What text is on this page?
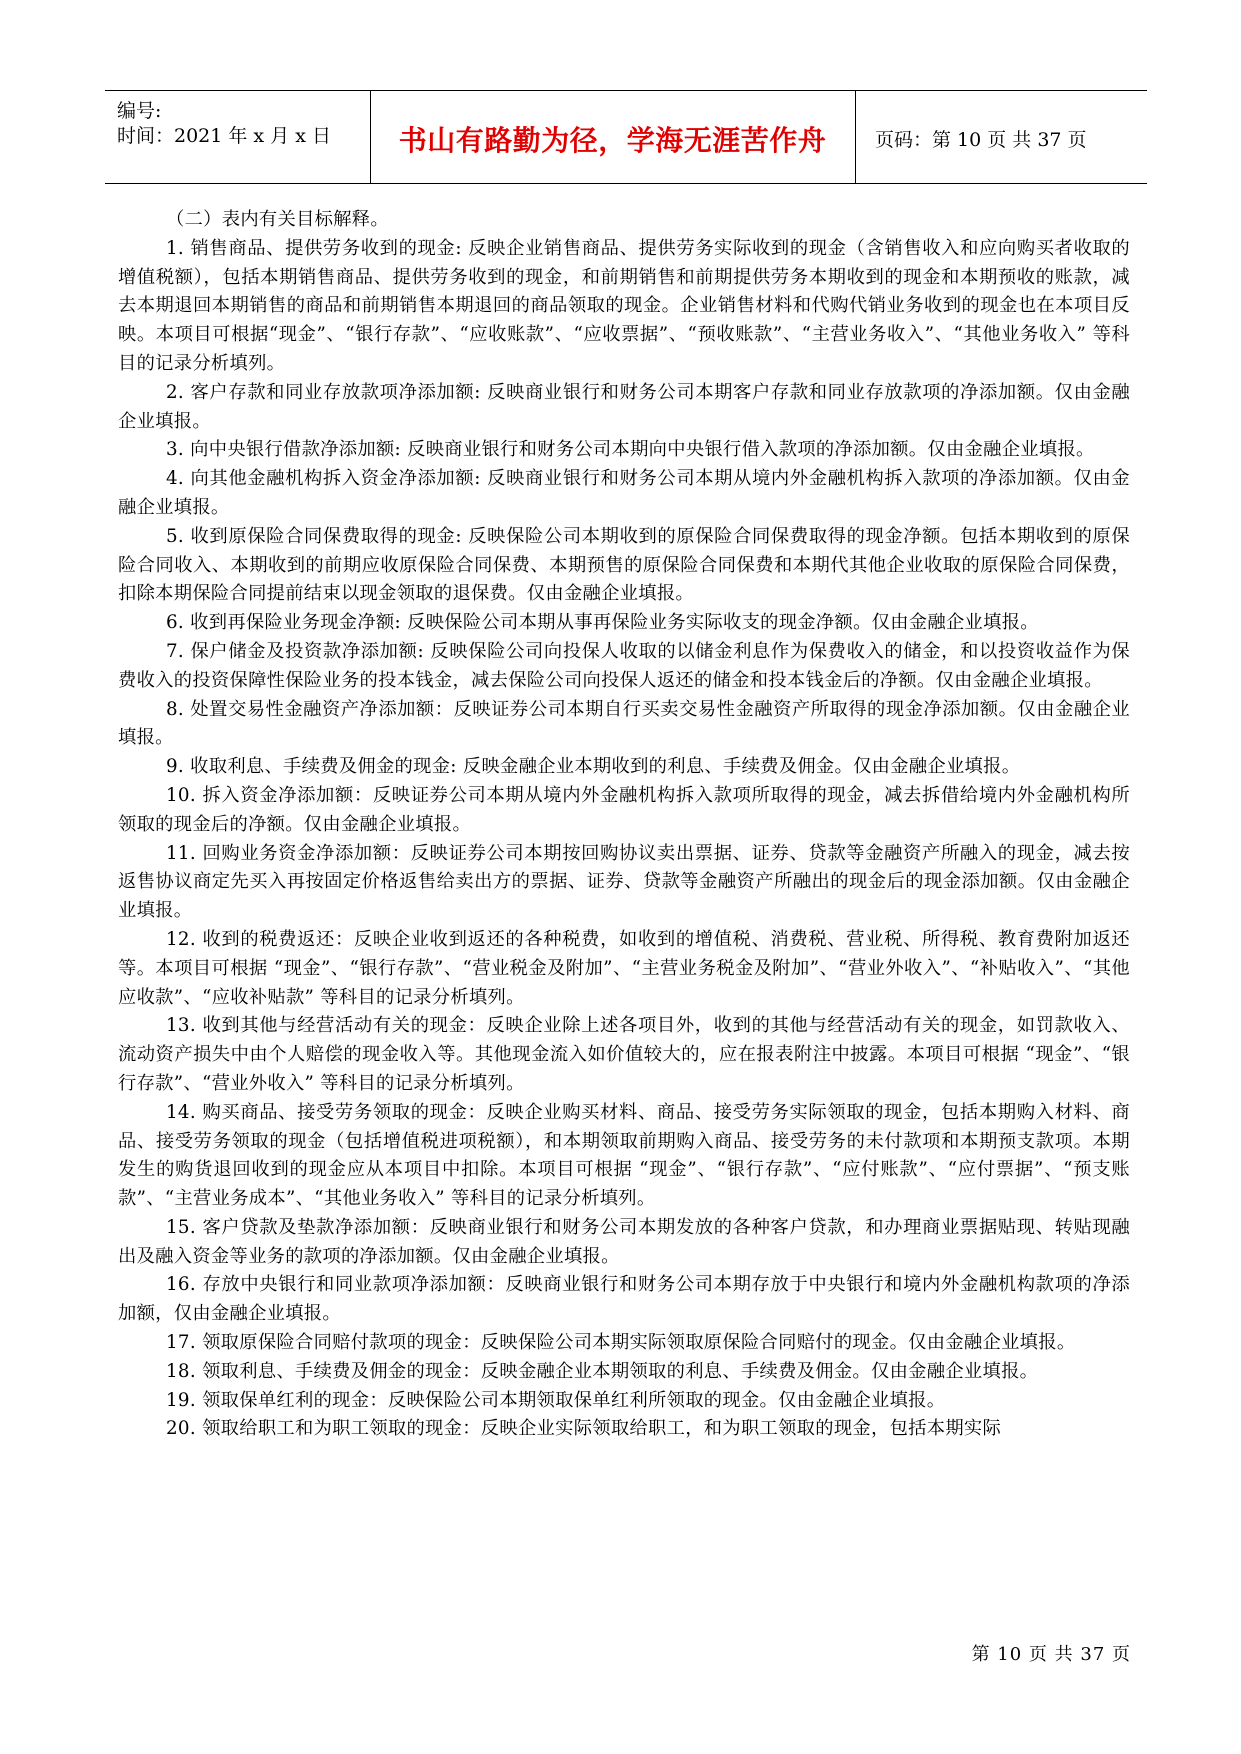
编号:
时间：2021 年 x 月 x 日	书山有路勤为径，学海无涯苦作舟	页码：第 10 页 共 37 页

（二）表内有关目标解释。

1. 销售商品、提供劳务收到的现金: 反映企业销售商品、提供劳务实际收到的现金（含销售收入和应向购买者收取的增值税额），包括本期销售商品、提供劳务收到的现金，和前期销售和前期提供劳务本期收到的现金和本期预收的账款，减去本期退回本期销售的商品和前期销售本期退回的商品领取的现金。企业销售材料和代购代销业务收到的现金也在本项目反映。本项目可根据“现金”、“银行存款”、“应收账款”、“应收票据”、“预收账款”、“主营业务收入”、“其他业务收入” 等科目的记录分析填列。

2. 客户存款和同业存放款项净添加额: 反映商业银行和财务公司本期客户存款和同业存放款项的净添加额。仅由金融企业填报。

3. 向中央银行借款净添加额: 反映商业银行和财务公司本期向中央银行借入款项的净添加额。仅由金融企业填报。

4. 向其他金融机构拆入资金净添加额: 反映商业银行和财务公司本期从境内外金融机构拆入款项的净添加额。仅由金融企业填报。

5. 收到原保险合同保费取得的现金: 反映保险公司本期收到的原保险合同保费取得的现金净额。包括本期收到的原保险合同收入、本期收到的前期应收原保险合同保费、本期预售的原保险合同保费和本期代其他企业收取的原保险合同保费，扣除本期保险合同提前结束以现金领取的退保费。仅由金融企业填报。

6. 收到再保险业务现金净额: 反映保险公司本期从事再保险业务实际收支的现金净额。仅由金融企业填报。

7. 保户储金及投资款净添加额: 反映保险公司向投保人收取的以储金利息作为保费收入的储金，和以投资收益作为保费收入的投资保障性保险业务的投本钱金，减去保险公司向投保人返还的储金和投本钱金后的净额。仅由金融企业填报。

8. 处置交易性金融资产净添加额：反映证券公司本期自行买卖交易性金融资产所取得的现金净添加额。仅由金融企业填报。

9. 收取利息、手续费及佣金的现金: 反映金融企业本期收到的利息、手续费及佣金。仅由金融企业填报。

10. 拆入资金净添加额：反映证券公司本期从境内外金融机构拆入款项所取得的现金，减去拆借给境内外金融机构所领取的现金后的净额。仅由金融企业填报。

11. 回购业务资金净添加额：反映证券公司本期按回购协议卖出票据、证券、贷款等金融资产所融入的现金，减去按返售协议商定先买入再按固定价格返售给卖出方的票据、证券、贷款等金融资产所融出的现金后的现金添加额。仅由金融企业填报。

12. 收到的税费返还：反映企业收到返还的各种税费，如收到的增值税、消费税、营业税、所得税、教育费附加返还等。本项目可根据 “现金”、“银行存款”、“营业税金及附加”、“主营业务税金及附加”、“营业外收入”、“补贴收入”、“其他应收款”、“应收补贴款” 等科目的记录分析填列。

13. 收到其他与经营活动有关的现金：反映企业除上述各项目外，收到的其他与经营活动有关的现金，如罚款收入、流动资产损失中由个人赔偿的现金收入等。其他现金流入如价值较大的，应在报表附注中披露。本项目可根据 “现金”、“银行存款”、“营业外收入” 等科目的记录分析填列。

14. 购买商品、接受劳务领取的现金：反映企业购买材料、商品、接受劳务实际领取的现金，包括本期购入材料、商品、接受劳务领取的现金（包括增值税进项税额），和本期领取前期购入商品、接受劳务的未付款项和本期预支款项。本期发生的购货退回收到的现金应从本项目中扣除。本项目可根据 “现金”、“银行存款”、“应付账款”、“应付票据”、“预支账款”、“主营业务成本”、“其他业务收入” 等科目的记录分析填列。

15. 客户贷款及垫款净添加额：反映商业银行和财务公司本期发放的各种客户贷款，和办理商业票据贴现、转贴现融出及融入资金等业务的款项的净添加额。仅由金融企业填报。

16. 存放中央银行和同业款项净添加额：反映商业银行和财务公司本期存放于中央银行和境内外金融机构款项的净添加额，仅由金融企业填报。

17. 领取原保险合同赔付款项的现金：反映保险公司本期实际领取原保险合同赔付的现金。仅由金融企业填报。

18. 领取利息、手续费及佣金的现金：反映金融企业本期领取的利息、手续费及佣金。仅由金融企业填报。

19. 领取保单红利的现金：反映保险公司本期领取保单红利所领取的现金。仅由金融企业填报。

20. 领取给职工和为职工领取的现金：反映企业实际领取给职工，和为职工领取的现金，包括本期实际

第 10 页 共 37 页
